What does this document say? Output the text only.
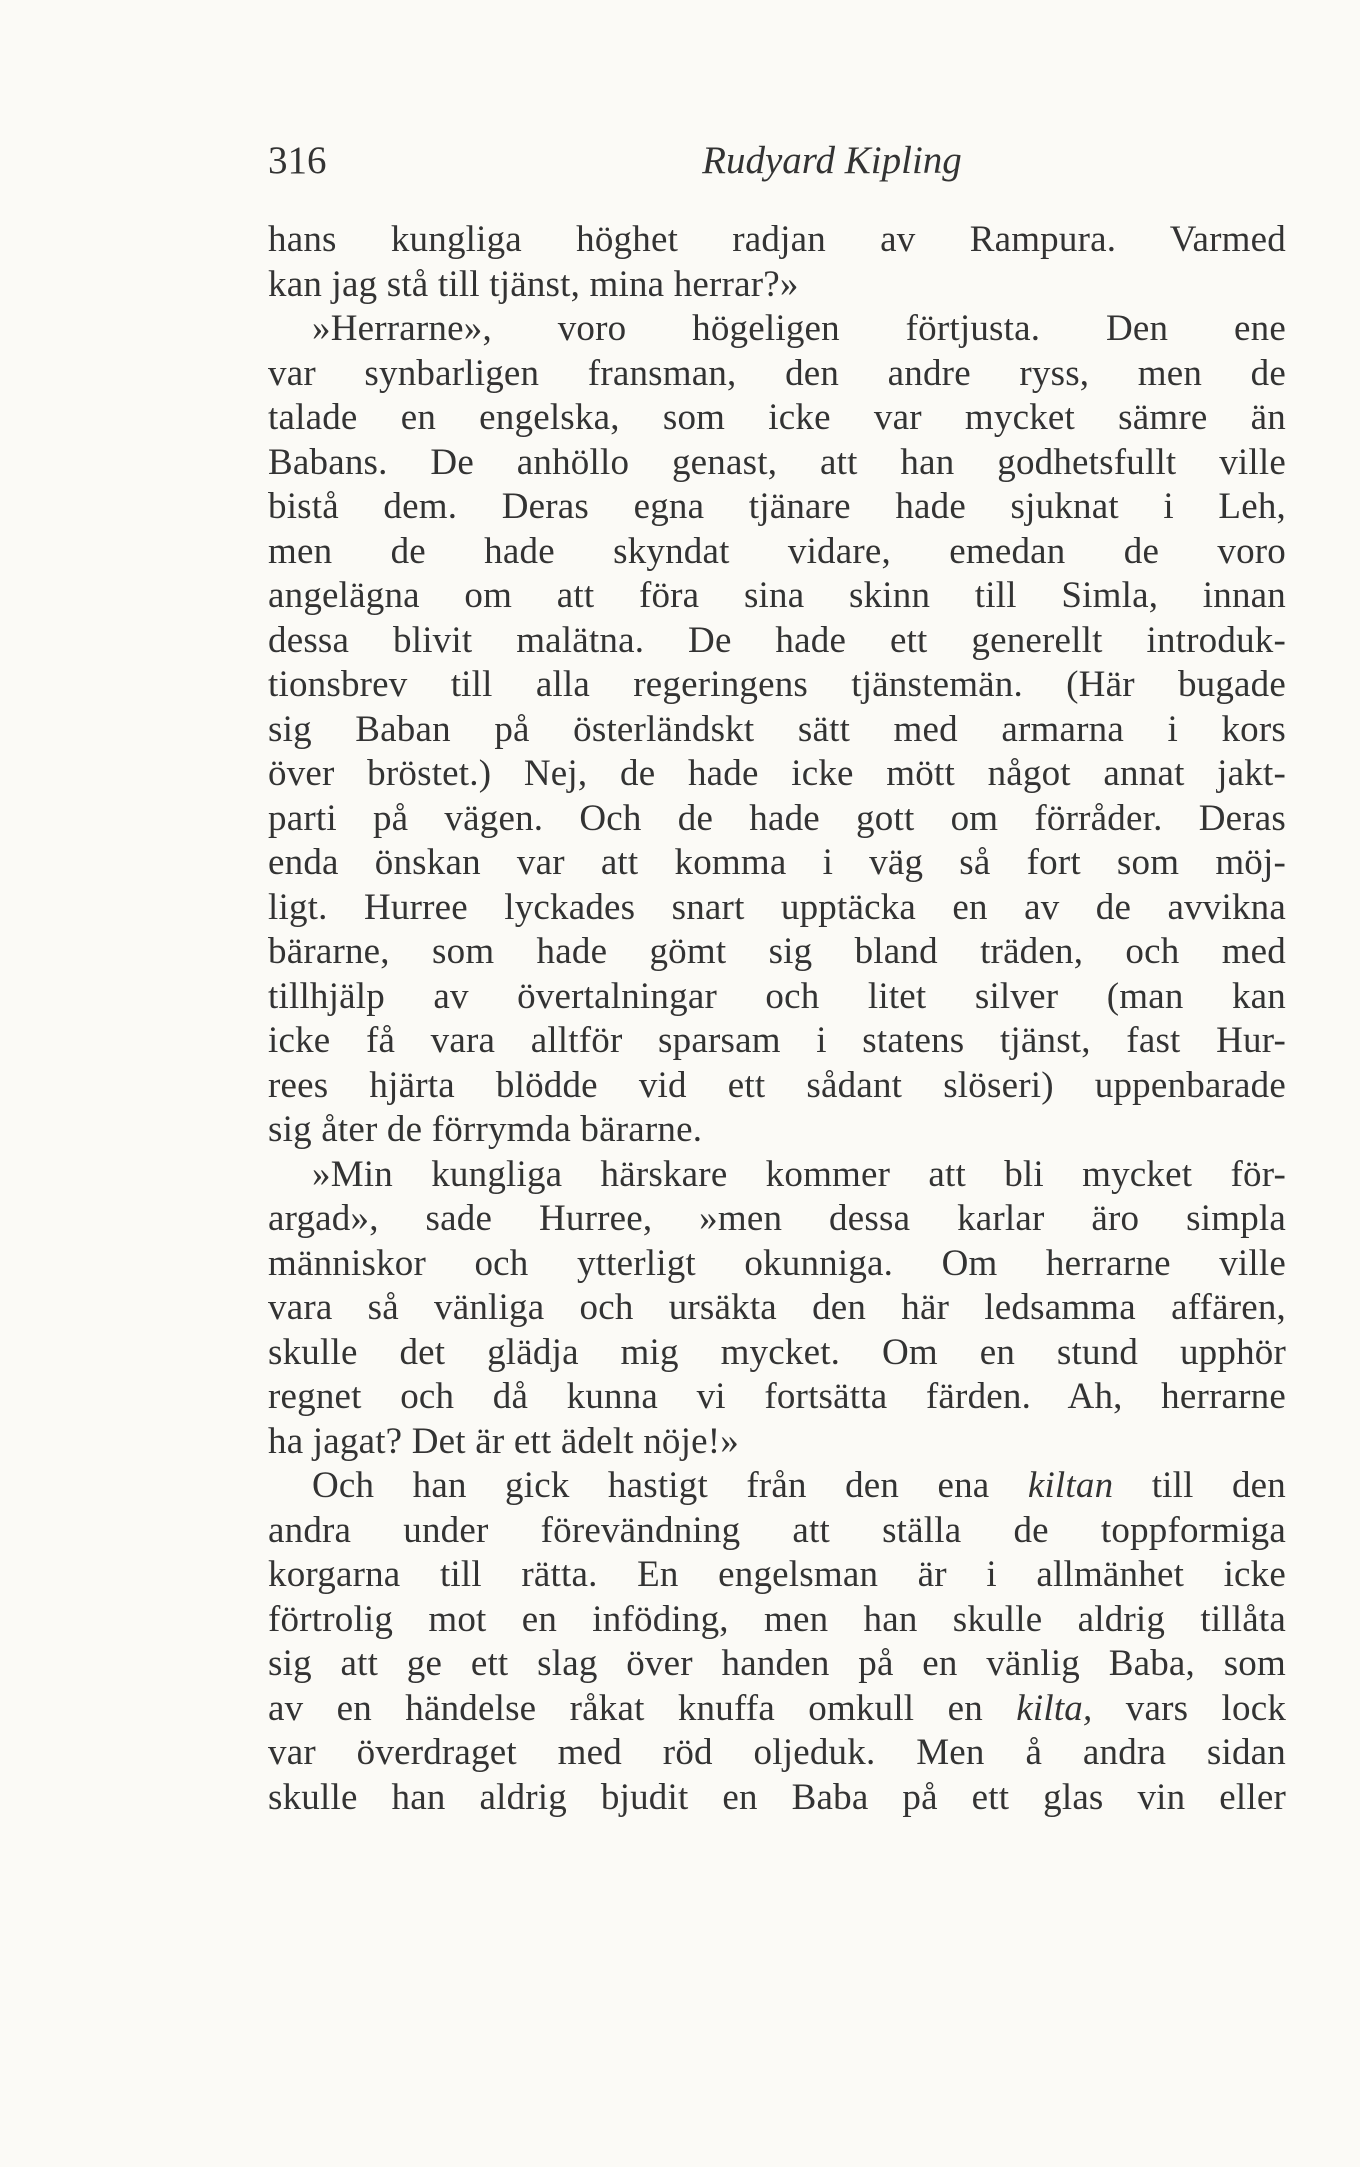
316	Rudyard Kipling
hans kungliga höghet radjan av Rampura. Varmed
kan jag stå till tjänst, mina herrar?»
»Herrarne», voro högeligen förtjusta. Den ene
var synbarligen fransman, den andre ryss, men de
talade en engelska, som icke var mycket sämre än
Babans. De anhöllo genast, att han godhetsfullt ville
bistå dem. Deras egna tjänare hade sjuknat i Leh,
men de hade skyndat vidare, emedan de voro
angelägna om att föra sina skinn till Simla, innan
dessa blivit malätna. De hade ett generellt introduk-
tionsbrev till alla regeringens tjänstemän. (Här bugade
sig Baban på österländskt sätt med armarna i kors
över bröstet.) Nej, de hade icke mött något annat jakt-
parti på vägen. Och de hade gott om förråder. Deras
enda önskan var att komma i väg så fort som möj-
ligt. Hurree lyckades snart upptäcka en av de avvikna
bärarne, som hade gömt sig bland träden, och med
tillhjälp av övertalningar och litet silver (man kan
icke få vara alltför sparsam i statens tjänst, fast Hur-
rees hjärta blödde vid ett sådant slöseri) uppenbarade
sig åter de förrymda bärarne.
»Min kungliga härskare kommer att bli mycket för-
argad», sade Hurree, »men dessa karlar äro simpla
människor och ytterligt okunniga. Om herrarne ville
vara så vänliga och ursäkta den här ledsamma affären,
skulle det glädja mig mycket. Om en stund upphör
regnet och då kunna vi fortsätta färden. Ah, herrarne
ha jagat? Det är ett ädelt nöje!»
Och han gick hastigt från den ena kiltan till den
andra under förevändning att ställa de toppformiga
korgarna till rätta. En engelsman är i allmänhet icke
förtrolig mot en inföding, men han skulle aldrig tillåta
sig att ge ett slag över handen på en vänlig Baba, som
av en händelse råkat knuffa omkull en kilta, vars lock
var överdraget med röd oljeduk. Men å andra sidan
skulle han aldrig bjudit en Baba på ett glas vin eller
